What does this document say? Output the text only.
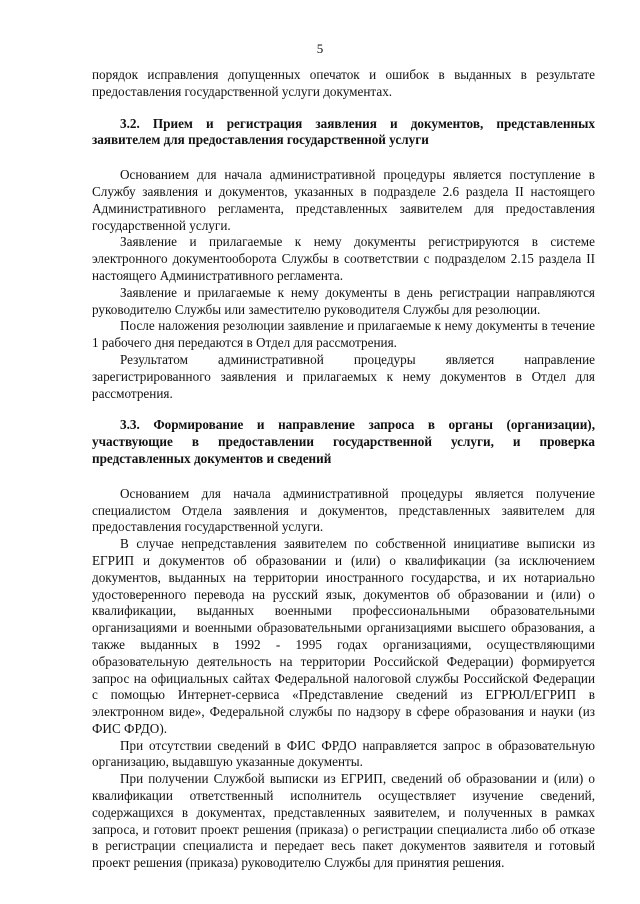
5

порядок исправления допущенных опечаток и ошибок в выданных в результате предоставления государственной услуги документах.

3.2. Прием и регистрация заявления и документов, представленных заявителем для предоставления государственной услуги

Основанием для начала административной процедуры является поступление в Службу заявления и документов, указанных в подразделе 2.6 раздела II настоящего Административного регламента, представленных заявителем для предоставления государственной услуги.

Заявление и прилагаемые к нему документы регистрируются в системе электронного документооборота Службы в соответствии с подразделом 2.15 раздела II настоящего Административного регламента.

Заявление и прилагаемые к нему документы в день регистрации направляются руководителю Службы или заместителю руководителя Службы для резолюции.

После наложения резолюции заявление и прилагаемые к нему документы в течение 1 рабочего дня передаются в Отдел для рассмотрения.

Результатом административной процедуры является направление зарегистрированного заявления и прилагаемых к нему документов в Отдел для рассмотрения.

3.3. Формирование и направление запроса в органы (организации), участвующие в предоставлении государственной услуги, и проверка представленных документов и сведений

Основанием для начала административной процедуры является получение специалистом Отдела заявления и документов, представленных заявителем для предоставления государственной услуги.

В случае непредставления заявителем по собственной инициативе выписки из ЕГРИП и документов об образовании и (или) о квалификации (за исключением документов, выданных на территории иностранного государства, и их нотариально удостоверенного перевода на русский язык, документов об образовании и (или) о квалификации, выданных военными профессиональными образовательными организациями и военными образовательными организациями высшего образования, а также выданных в 1992 - 1995 годах организациями, осуществляющими образовательную деятельность на территории Российской Федерации) формируется запрос на официальных сайтах Федеральной налоговой службы Российской Федерации с помощью Интернет-сервиса «Представление сведений из ЕГРЮЛ/ЕГРИП в электронном виде», Федеральной службы по надзору в сфере образования и науки (из ФИС ФРДО).

При отсутствии сведений в ФИС ФРДО направляется запрос в образовательную организацию, выдавшую указанные документы.

При получении Службой выписки из ЕГРИП, сведений об образовании и (или) о квалификации ответственный исполнитель осуществляет изучение сведений, содержащихся в документах, представленных заявителем, и полученных в рамках запроса, и готовит проект решения (приказа) о регистрации специалиста либо об отказе в регистрации специалиста и передает весь пакет документов заявителя и готовый проект решения (приказа) руководителю Службы для принятия решения.
